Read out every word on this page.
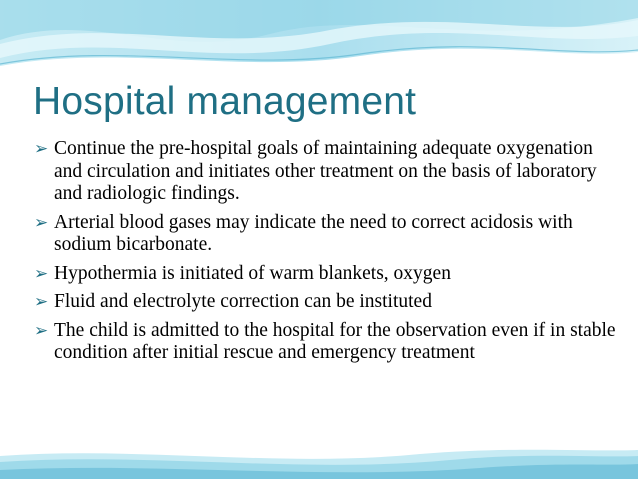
Hospital management
➢ Continue the pre-hospital goals of maintaining adequate oxygenation and circulation and initiates other treatment on the basis of laboratory and radiologic findings.
➢ Arterial blood gases may indicate the need to correct acidosis with sodium bicarbonate.
➢ Hypothermia is initiated of warm blankets, oxygen
➢ Fluid and electrolyte correction can be instituted
➢ The child is admitted to the hospital for the observation even if in stable condition after initial rescue and emergency treatment
